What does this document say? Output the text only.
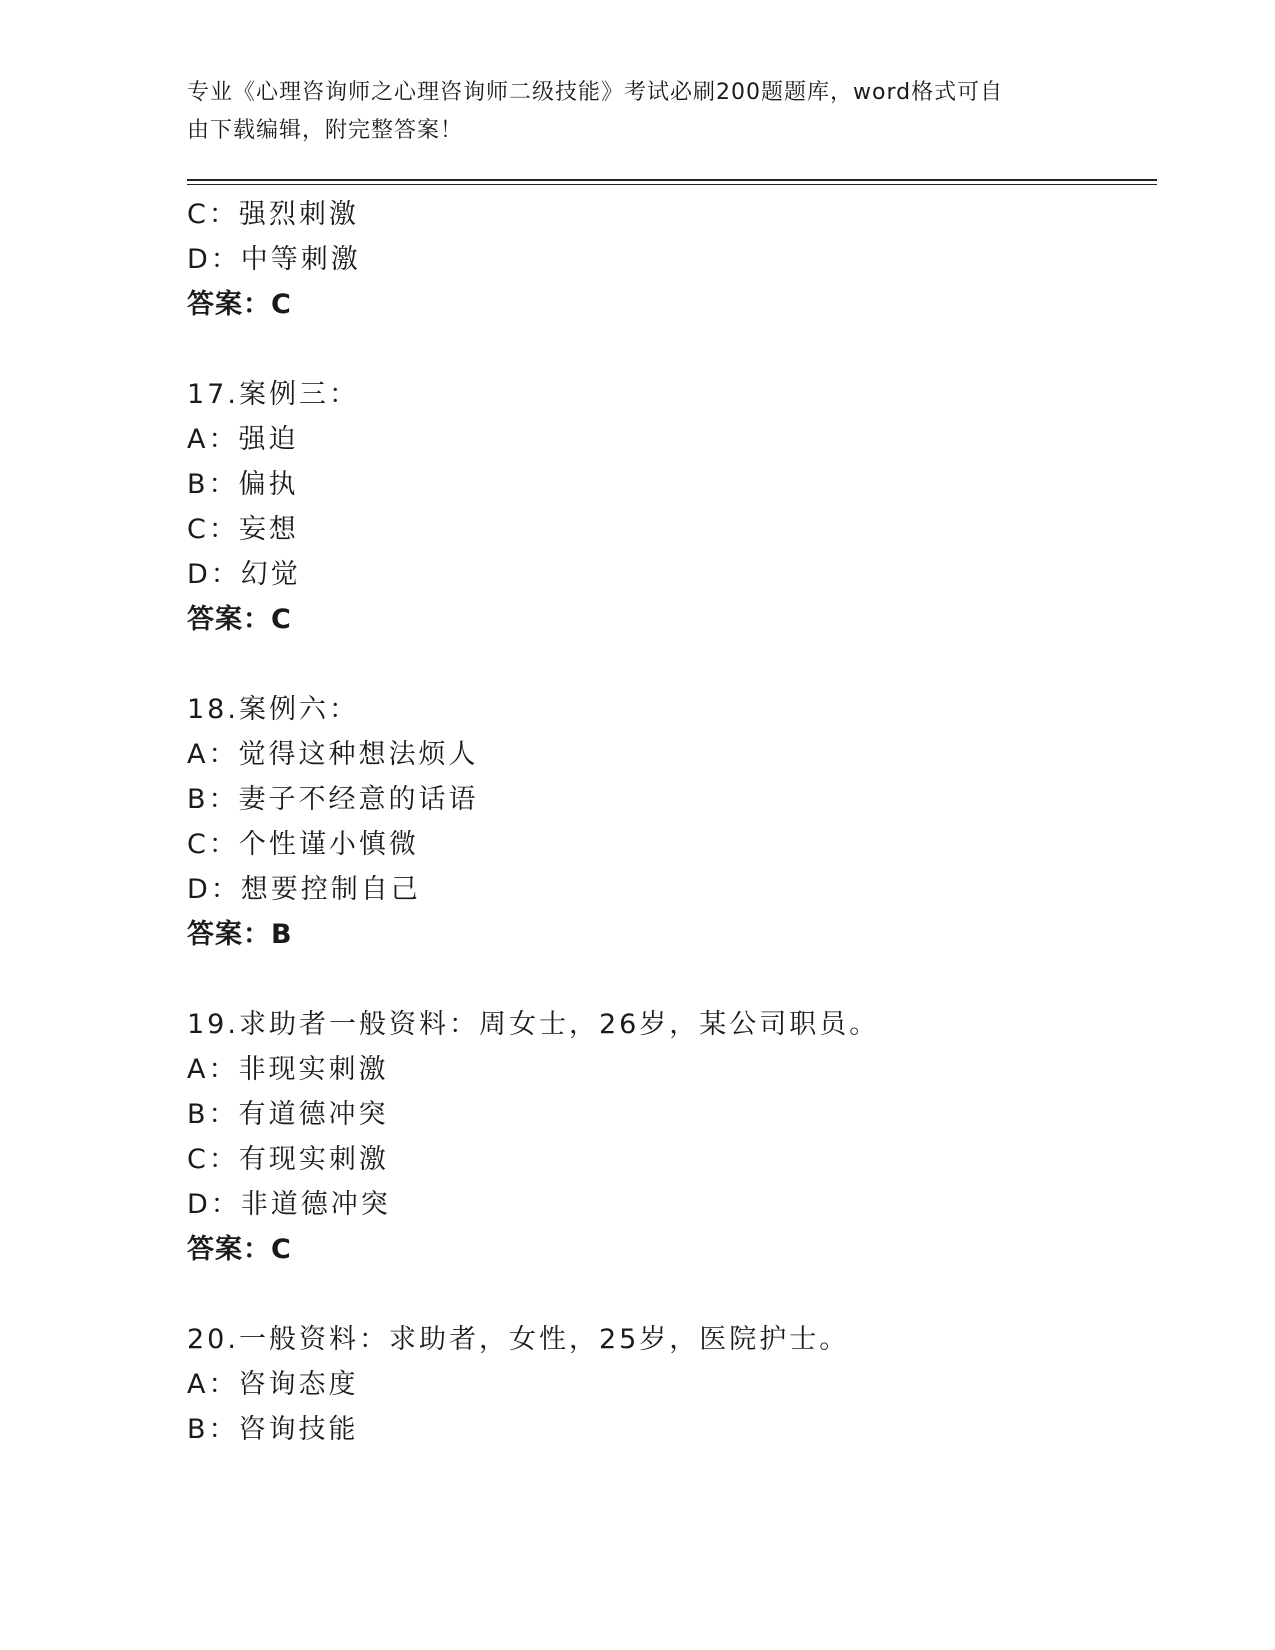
专业《心理咨询师之心理咨询师二级技能》考试必刷200题题库，word格式可自
由下载编辑，附完整答案！
C：强烈刺激
D：中等刺激
答案：C
17.案例三：
A：强迫
B：偏执
C：妄想
D：幻觉
答案：C
18.案例六：
A：觉得这种想法烦人
B：妻子不经意的话语
C：个性谨小慎微
D：想要控制自己
答案：B
19.求助者一般资料：周女士，26岁，某公司职员。
A：非现实刺激
B：有道德冲突
C：有现实刺激
D：非道德冲突
答案：C
20.一般资料：求助者，女性，25岁，医院护士。
A：咨询态度
B：咨询技能
